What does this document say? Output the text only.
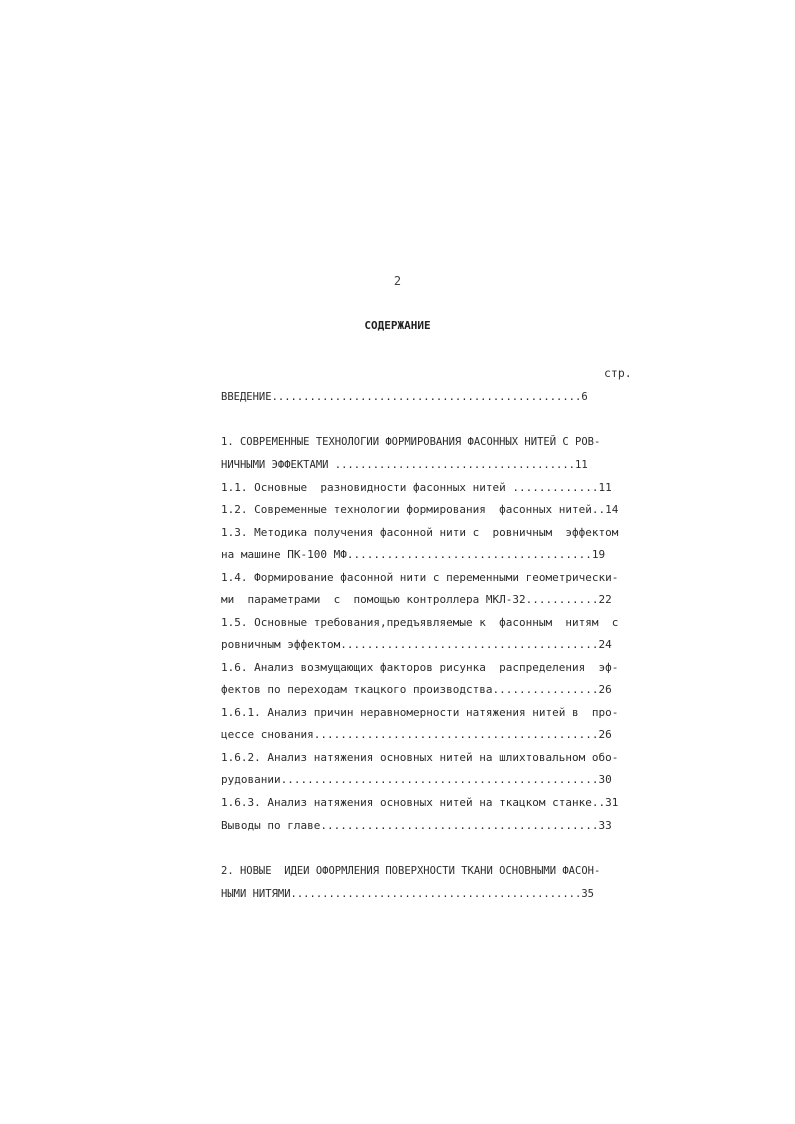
2
СОДЕРЖАНИЕ
стр.
ВВЕДЕНИЕ.................................................6
1. СОВРЕМЕННЫЕ ТЕХНОЛОГИИ ФОРМИРОВАНИЯ ФАСОННЫХ НИТЕЙ С РОВ-
НИЧНЫМИ ЭФФЕКТАМИ ......................................11
1.1. Основные  разновидности фасонных нитей .............11
1.2. Современные технологии формирования  фасонных нитей..14
1.3. Методика получения фасонной нити с  ровничным  эффектом
на машине ПК-100 МФ.....................................19
1.4. Формирование фасонной нити с переменными геометрически-
ми  параметрами  с  помощью контроллера МКЛ-32...........22
1.5. Основные требования,предъявляемые к  фасонным  нитям  с
ровничным эффектом.......................................24
1.6. Анализ возмущающих факторов рисунка  распределения  эф-
фектов по переходам ткацкого производства................26
1.6.1. Анализ причин неравномерности натяжения нитей в  про-
цессе снования...........................................26
1.6.2. Анализ натяжения основных нитей на шлихтовальном обо-
рудовании................................................30
1.6.3. Анализ натяжения основных нитей на ткацком станке..31
Выводы по главе..........................................33
2. НОВЫЕ  ИДЕИ ОФОРМЛЕНИЯ ПОВЕРХНОСТИ ТКАНИ ОСНОВНЫМИ ФАСОН-
НЫМИ НИТЯМИ..............................................35
